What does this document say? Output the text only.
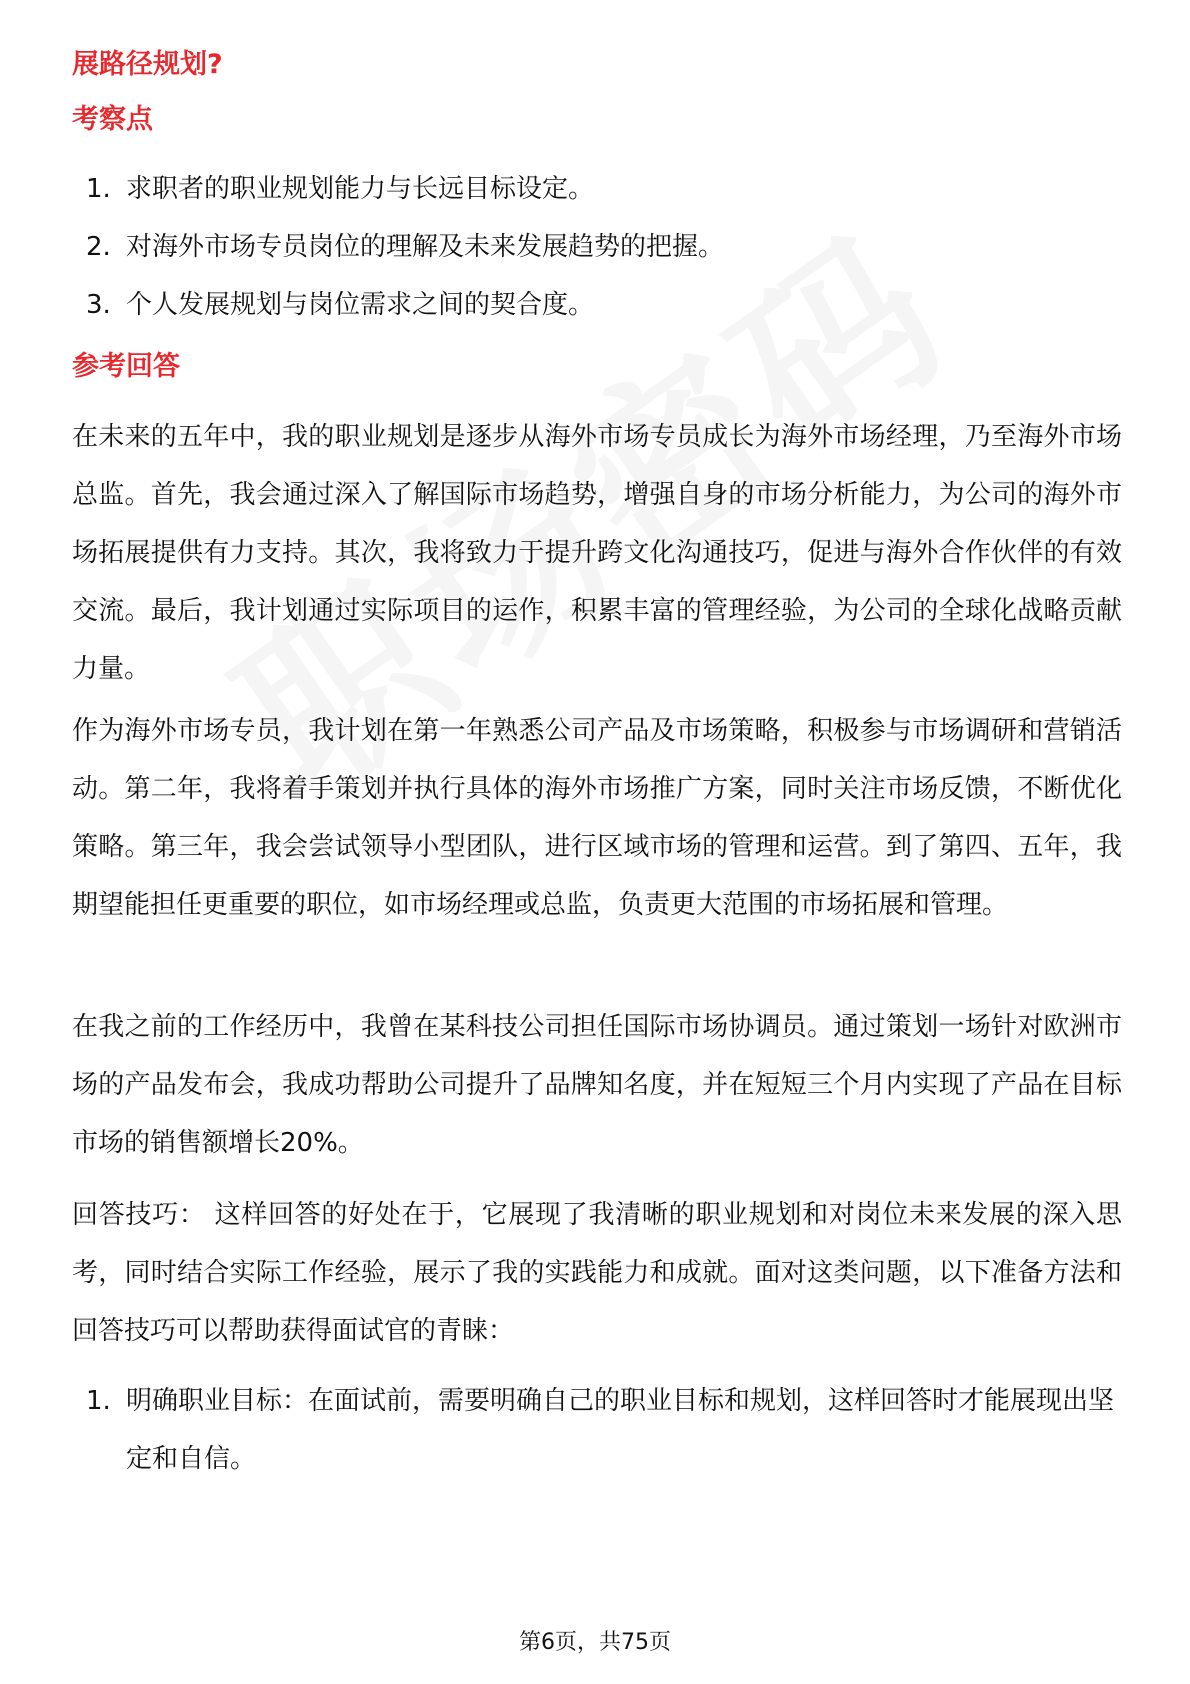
展路径规划?
考察点
1. 求职者的职业规划能力与长远目标设定。
2. 对海外市场专员岗位的理解及未来发展趋势的把握。
3. 个人发展规划与岗位需求之间的契合度。
参考回答

在未来的五年中，我的职业规划是逐步从海外市场专员成长为海外市场经理，乃至海外市场总监。首先，我会通过深入了解国际市场趋势，增强自身的市场分析能力，为公司的海外市场拓展提供有力支持。其次，我将致力于提升跨文化沟通技巧，促进与海外合作伙伴的有效交流。最后，我计划通过实际项目的运作，积累丰富的管理经验，为公司的全球化战略贡献力量。

作为海外市场专员，我计划在第一年熟悉公司产品及市场策略，积极参与市场调研和营销活动。第二年，我将着手策划并执行具体的海外市场推广方案，同时关注市场反馈，不断优化策略。第三年，我会尝试领导小型团队，进行区域市场的管理和运营。到了第四、五年，我期望能担任更重要的职位，如市场经理或总监，负责更大范围的市场拓展和管理。

在我之前的工作经历中，我曾在某科技公司担任国际市场协调员。通过策划一场针对欧洲市场的产品发布会，我成功帮助公司提升了品牌知名度，并在短短三个月内实现了产品在目标市场的销售额增长20%。

回答技巧： 这样回答的好处在于，它展现了我清晰的职业规划和对岗位未来发展的深入思考，同时结合实际工作经验，展示了我的实践能力和成就。面对这类问题，以下准备方法和回答技巧可以帮助获得面试官的青睐：

1. 明确职业目标：在面试前，需要明确自己的职业目标和规划，这样回答时才能展现出坚定和自信。
第6页，共75页
